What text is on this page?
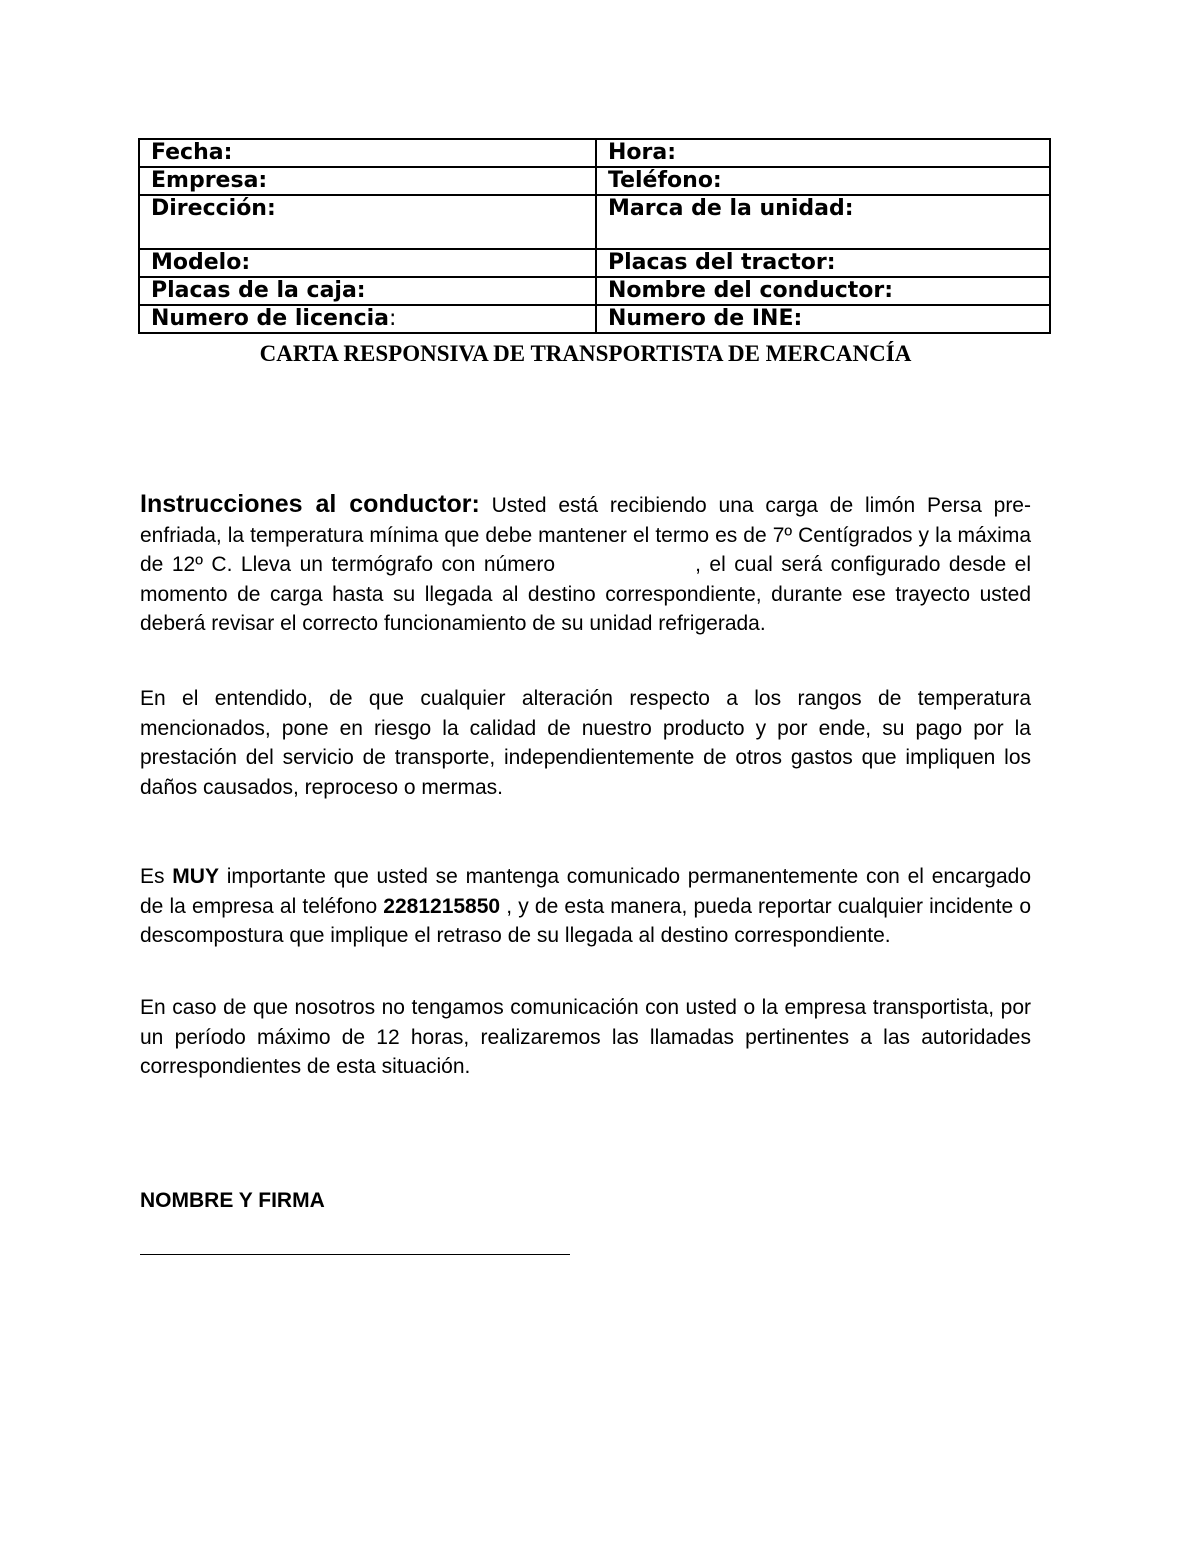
Fecha:	Hora:
Empresa:	Teléfono:
Dirección:	Marca de la unidad:
Modelo:	Placas del tractor:
Placas de la caja:	Nombre del conductor:
Numero de licencia:	Numero de INE:
CARTA RESPONSIVA DE TRANSPORTISTA DE MERCANCÍA

Instrucciones al conductor: Usted está recibiendo una carga de limón Persa pre-enfriada, la temperatura mínima que debe mantener el termo es de 7º Centígrados y la máxima de 12º C. Lleva un termógrafo con número	, el cual será configurado desde el momento de carga hasta su llegada al destino correspondiente, durante ese trayecto usted deberá revisar el correcto funcionamiento de su unidad refrigerada.

En el entendido, de que cualquier alteración respecto a los rangos de temperatura mencionados, pone en riesgo la calidad de nuestro producto y por ende, su pago por la prestación del servicio de transporte, independientemente de otros gastos que impliquen los daños causados, reproceso o mermas.

Es MUY importante que usted se mantenga comunicado permanentemente con el encargado de la empresa al teléfono 2281215850 , y de esta manera, pueda reportar cualquier incidente o descompostura que implique el retraso de su llegada al destino correspondiente.

En caso de que nosotros no tengamos comunicación con usted o la empresa transportista, por un período máximo de 12 horas, realizaremos las llamadas pertinentes a las autoridades correspondientes de esta situación.

NOMBRE Y FIRMA
